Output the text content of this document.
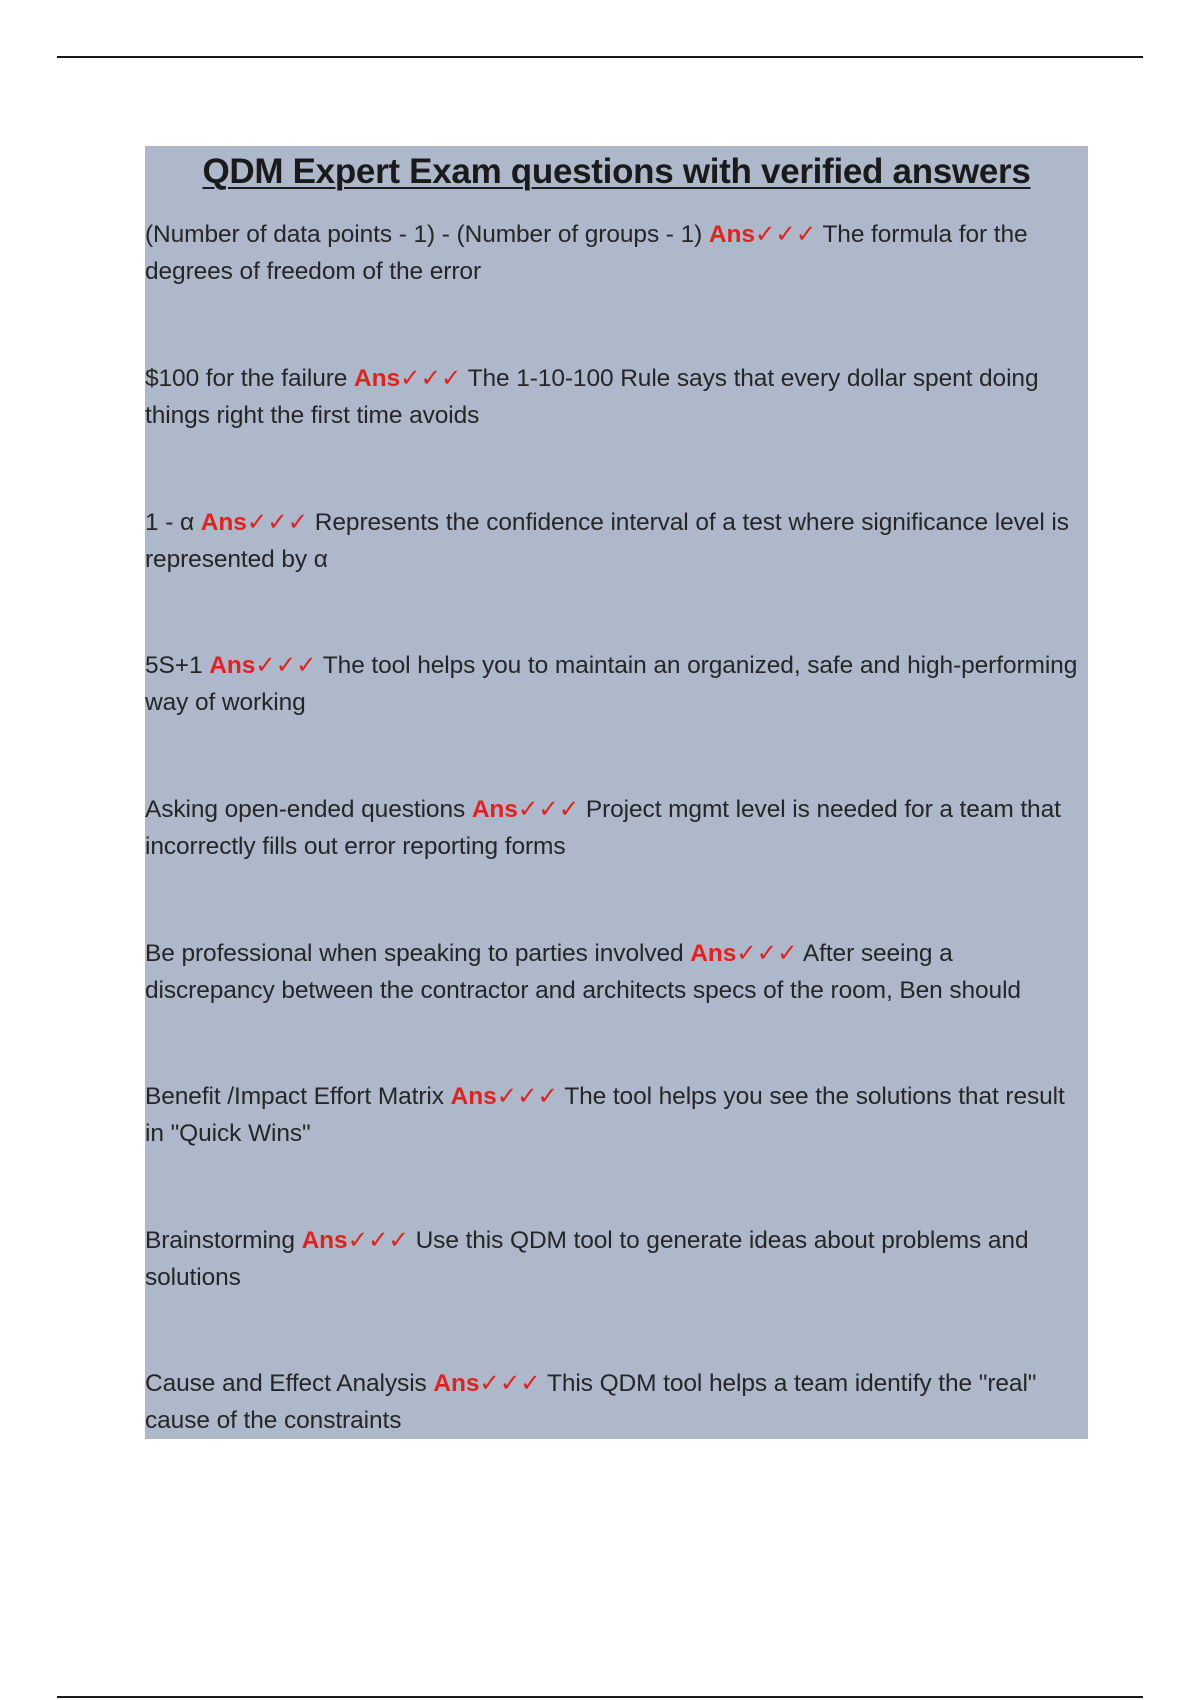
QDM Expert Exam questions with verified answers
(Number of data points - 1) - (Number of groups - 1) Ans✓✓✓ The formula for the degrees of freedom of the error
$100 for the failure Ans✓✓✓ The 1-10-100 Rule says that every dollar spent doing things right the first time avoids
1 - α Ans✓✓✓ Represents the confidence interval of a test where significance level is represented by α
5S+1 Ans✓✓✓ The tool helps you to maintain an organized, safe and high-performing way of working
Asking open-ended questions Ans✓✓✓ Project mgmt level is needed for a team that incorrectly fills out error reporting forms
Be professional when speaking to parties involved Ans✓✓✓ After seeing a discrepancy between the contractor and architects specs of the room, Ben should
Benefit /Impact Effort Matrix Ans✓✓✓ The tool helps you see the solutions that result in "Quick Wins"
Brainstorming Ans✓✓✓ Use this QDM tool to generate ideas about problems and solutions
Cause and Effect Analysis Ans✓✓✓ This QDM tool helps a team identify the "real" cause of the constraints
